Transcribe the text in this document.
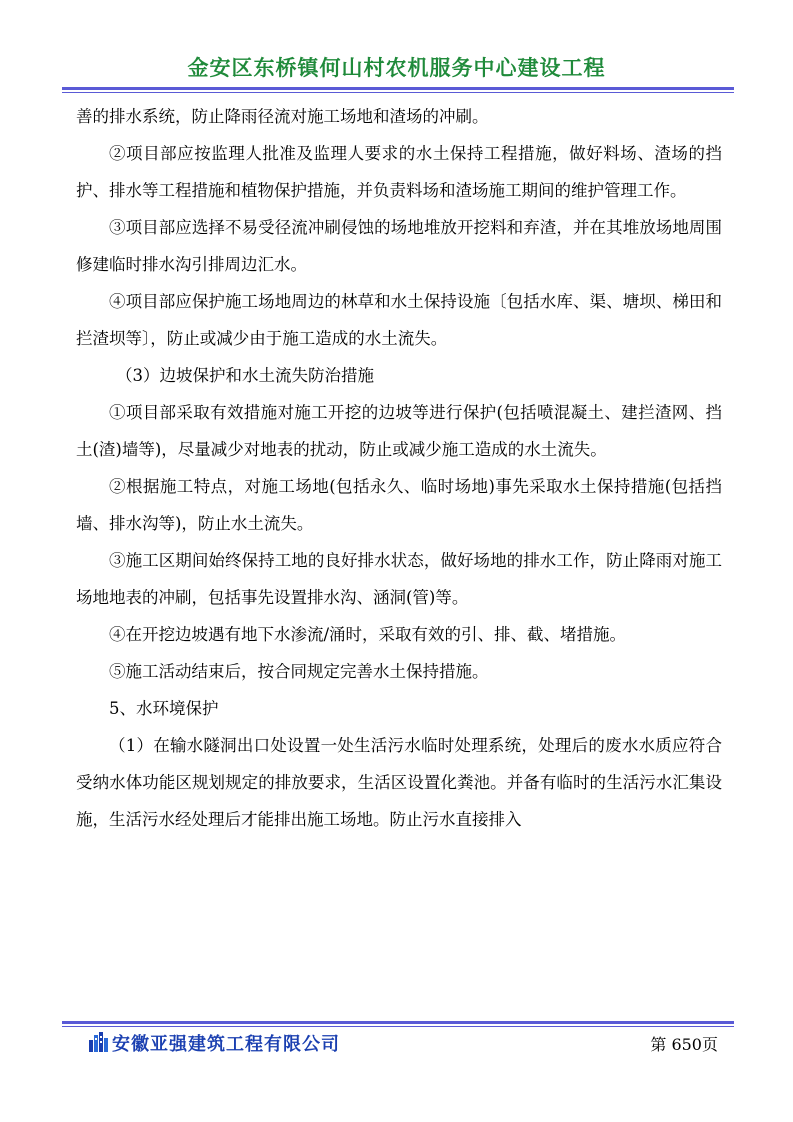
金安区东桥镇何山村农机服务中心建设工程

善的排水系统，防止降雨径流对施工场地和渣场的冲刷。

②项目部应按监理人批准及监理人要求的水土保持工程措施，做好料场、渣场的挡护、排水等工程措施和植物保护措施，并负责料场和渣场施工期间的维护管理工作。

③项目部应选择不易受径流冲刷侵蚀的场地堆放开挖料和弃渣，并在其堆放场地周围修建临时排水沟引排周边汇水。

④项目部应保护施工场地周边的林草和水土保持设施〔包括水库、渠、塘坝、梯田和拦渣坝等〕，防止或减少由于施工造成的水土流失。

（3）边坡保护和水土流失防治措施

①项目部采取有效措施对施工开挖的边坡等进行保护(包括喷混凝土、建拦渣网、挡土(渣)墙等)，尽量减少对地表的扰动，防止或减少施工造成的水土流失。

②根据施工特点，对施工场地(包括永久、临时场地)事先采取水土保持措施(包括挡墙、排水沟等)，防止水土流失。

③施工区期间始终保持工地的良好排水状态，做好场地的排水工作，防止降雨对施工场地地表的冲刷，包括事先设置排水沟、涵洞(管)等。

④在开挖边坡遇有地下水渗流/涌时，采取有效的引、排、截、堵措施。

⑤施工活动结束后，按合同规定完善水土保持措施。

5、水环境保护

（1）在输水隧洞出口处设置一处生活污水临时处理系统，处理后的废水水质应符合受纳水体功能区规划规定的排放要求，生活区设置化粪池。并备有临时的生活污水汇集设施，生活污水经处理后才能排出施工场地。防止污水直接排入

安徽亚强建筑工程有限公司	第 650页
